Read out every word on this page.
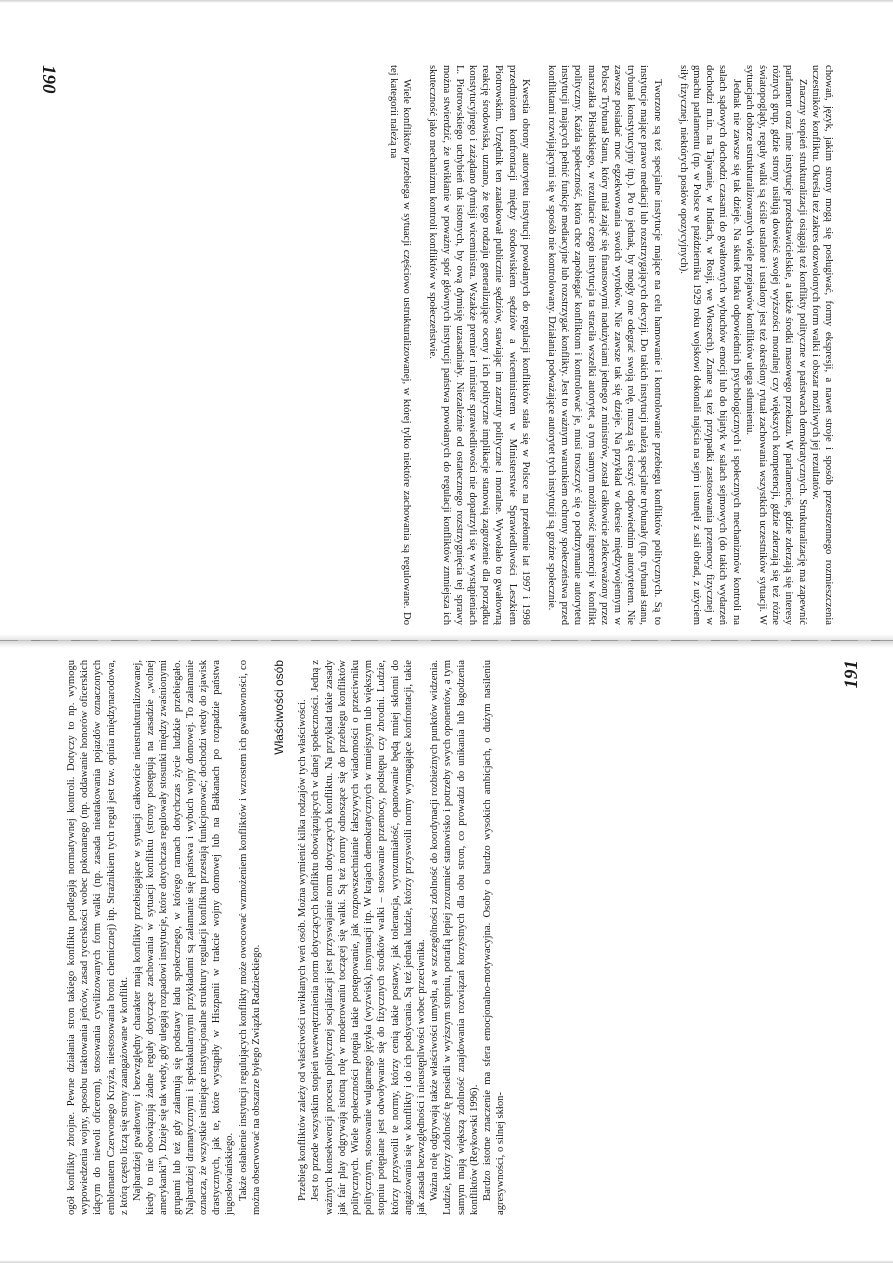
chowań, język, jakim strony mogą się posługiwać, formy ekspresji, a nawet stroje i sposób przestrzennego rozmieszczenia uczestników konfliktu. Określa też zakres dozwolonych form walki i obszar możliwych jej rezultatów.

Znaczny stopień strukturalizacji osiągają też konflikty polityczne w państwach demokratycznych. Strukturalizację ma zapewnić parlament oraz inne instytucje przedstawicielskie, a także środki masowego przekazu. W parlamencie, gdzie zderzają się interesy różnych grup, gdzie strony usiłują dowieść swojej wyższości moralnej czy większych kompetencji, gdzie zderzają się też różne światopoglądy, reguły walki są ściśle ustalone i ustalony jest też określony rytuał zachowania wszystkich uczestników sytuacji. W sytuacjach dobrze ustrukturalizowanych wiele przejawów konfliktów ulega stłumieniu.

Jednak nie zawsze się tak dzieje. Na skutek braku odpowiednich psychologicznych i społecznych mechanizmów kontroli na salach sądowych dochodzi czasami do gwałtownych wybuchów emocji lub do bijatyk w salach sejmowych (do takich wydarzeń dochodzi m.in. na Tajwanie, w Indiach, w Rosji, we Włoszech). Znane są też przypadki zastosowania przemocy fizycznej w gmachu parlamentu (np. w Polsce w październiku 1929 roku wojskowi dokonali najścia na sejm i usunęli z sali obrad, z użyciem siły fizycznej, niektórych posłów opozycyjnych).

Tworzone są też specjalne instytucje mające na celu hamowanie i kontrolowanie przebiegu konfliktów politycznych. Są to instytucje mające prawo mediacji lub rozstrzygających decyzji. Do takich instytucji należą specjalne trybunały (np. trybunał stanu, trybunał konstytucyjny itp.). Po to jednak, by mogły one odegrać swoją rolę, muszą się cieszyć odpowiednim autorytetem. Nie zawsze posiadać moc egzekwowania swoich wyroków. Nie zawsze tak się dzieje. Na przykład w okresie międzywojennym w Polsce Trybunał Stanu, który miał zająć się finansowymi nadużyciami jednego z ministrów, został całkowicie zlekceważony przez marszałka Piłsudskiego, w rezultacie czego instytucja ta straciła wszelki autorytet, a tym samym możliwość ingerencji w konflikt polityczny. Każda społeczność, która chce zapobiegać konfliktom i kontrolować je, musi troszczyć się o podtrzymanie autorytetu instytucji mających pełnić funkcje mediacyjne lub rozstrzygać konflikty. Jest to ważnym warunkiem ochrony społeczeństwa przed konfliktami rozwijającymi się w sposób nie kontrolowany. Działania podważające autorytet tych instytucji są groźne społecznie.

Kwestia obrony autorytetu instytucji powołanych do regulacji konfliktów stała się w Polsce na przełomie lat 1997 i 1998 przedmiotem konfrontacji między środowiskiem sędziów a wiceministrem w Ministerstwie Sprawiedliwości Leszkiem Piotrowskim. Urzędnik ten zaatakował publicznie sędziów, stawiając im zarzuty polityczne i moralne. Wywołało to gwałtowną reakcję środowiska, uznano, że tego rodzaju generalizujące oceny i ich polityczne implikacje stanowią zagrożenie dla porządku konstytucyjnego i zażądano dymisji wiceministra. Wszakże premier i minister sprawiedliwości nie dopatrzyli się w wystąpieniach L. Piotrowskiego uchybień tak istotnych, by ową dymisję uzasadniały. Niezależnie od ostatecznego rozstrzygnięcia tej sprawy można stwierdzić, że uwikłanie w poważny spór głównych instytucji państwa powołanych do regulacji konfliktów zmniejsza ich skuteczność jako mechanizmu kontroli konfliktów w społeczeństwie.

Wiele konfliktów przebiega w sytuacji częściowo ustrukturalizowanej, w której tylko niektóre zachowania są regulowane. Do tej kategorii należą na

190

ogół konflikty zbrojne. Pewne działania stron takiego konfliktu podlegają normatywnej kontroli. Dotyczy to np. wymogu wypowiedzenia wojny, sposobu traktowania jeńców, zasad rycerskości wobec pokonanego (np. oddawanie honorów oficerskich idącym do niewoli oficerom), stosowania cywilizowanych form walki (np. zasada nieatakowania pojazdów oznaczonych emblematem Czerwonego Krzyża, niestosowania broni chemicznej) itp. Straźnikiem tych reguł jest tzw. opinia międzynarodowa, z którą często liczą się strony zaangażowane w konflikt. Najbardziej gwałtowny i bezwzględny charakter mają konflikty przebiegające w sytuacji całkowicie nieustrukturalizowanej, kiedy to nie obowiązują żadne reguły dotyczące zachowania w sytuacji konfliktu (strony postępują na zasadzie „wolnej amerykanki”). Dzieje się tak wtedy, gdy ulegają rozpadowi instytucje, które dotychczas regulowały stosunki między zwaśnionymi grupami lub też gdy załamują się podstawy ładu społecznego, w którego ramach dotychczas życie ludzkie przebiegało. Najbardziej dramatycznymi i spektakularnymi przykładami są załamanie się państwa i wybuch wojny domowej. To załamanie oznacza, że wszystkie istniejące instytucjonalne struktury regulacji konfliktu przestają funkcjonować; dochodzi wtedy do zjawisk drastycznych, jak te, które wystąpiły w Hiszpanii w trakcie wojny domowej lub na Bałkanach po rozpadzie państwa jugosłowiańskiego. Także osłabienie instytucji regulujących konflikty może owocować wzmożeniem konfliktów i wzrostem ich gwałtowności, co można obserwować na obszarze byłego Związku Radzieckiego.

Właściwości osób Przebieg konfliktów zależy od właściwości uwikłanych weń osób. Można wymienić kilka rodzajów tych właściwości. Jest to przede wszystkim stopień uwewnętrznienia norm dotyczących konfliktu obowiązujących w danej społeczności. Jedną z ważnych konsekwencji procesu politycznej socjalizacji jest przyswajanie norm dotyczących konfliktu. Na przykład takie zasady jak fair play odgrywają istotną rolę w moderowaniu toczącej się walki. Są też normy odnoszące się do przebiegu konfliktów politycznych. Wiele społeczności potępia takie postępowanie, jak rozpowszechnianie fałszywych wiadomości o przeciwniku politycznym, stosowanie wulgarnego języka (wyzwisk), insynuacji itp. W krajach demokratycznych w mniejszym lub większym stopniu potępiane jest odwoływanie się do fizycznych środków walki – stosowanie przemocy, podstępu czy zbrodni. Ludzie, którzy przyswoili te normy, którzy cenią takie postawy, jak tolerancja, wyrozumiałość, opanowanie będą mniej skłonni do angażowania się w konflikty i do ich podsycania. Są też jednak ludzie, którzy przyswoili normy wymagające konfrontacji, takie jak zasada bezwzględności i nieustępliwości wobec przeciwnika. Ważna rolę odgrywają także właściwości umysłu, a w szczególności zdolność do koordynacji rozbieżnych punktów widzenia. Ludzie, którzy zdolność tę posiedli w wyższym stopniu, potrafią lepiej zrozumieć stanowisko i potrzeby swych oponentów, a tym samym mają większą zdolność znajdowania rozwiązań korzystnych dla obu stron, co prowadzi do unikania lub łagodzenia konfliktów (Reykowski 1996). Bardzo istotne znaczenie ma sfera emocjonalno-motywacyjna. Osoby o bardzo wysokich ambicjach, o dużym nasileniu agresywności, o silnej skłon-

191
